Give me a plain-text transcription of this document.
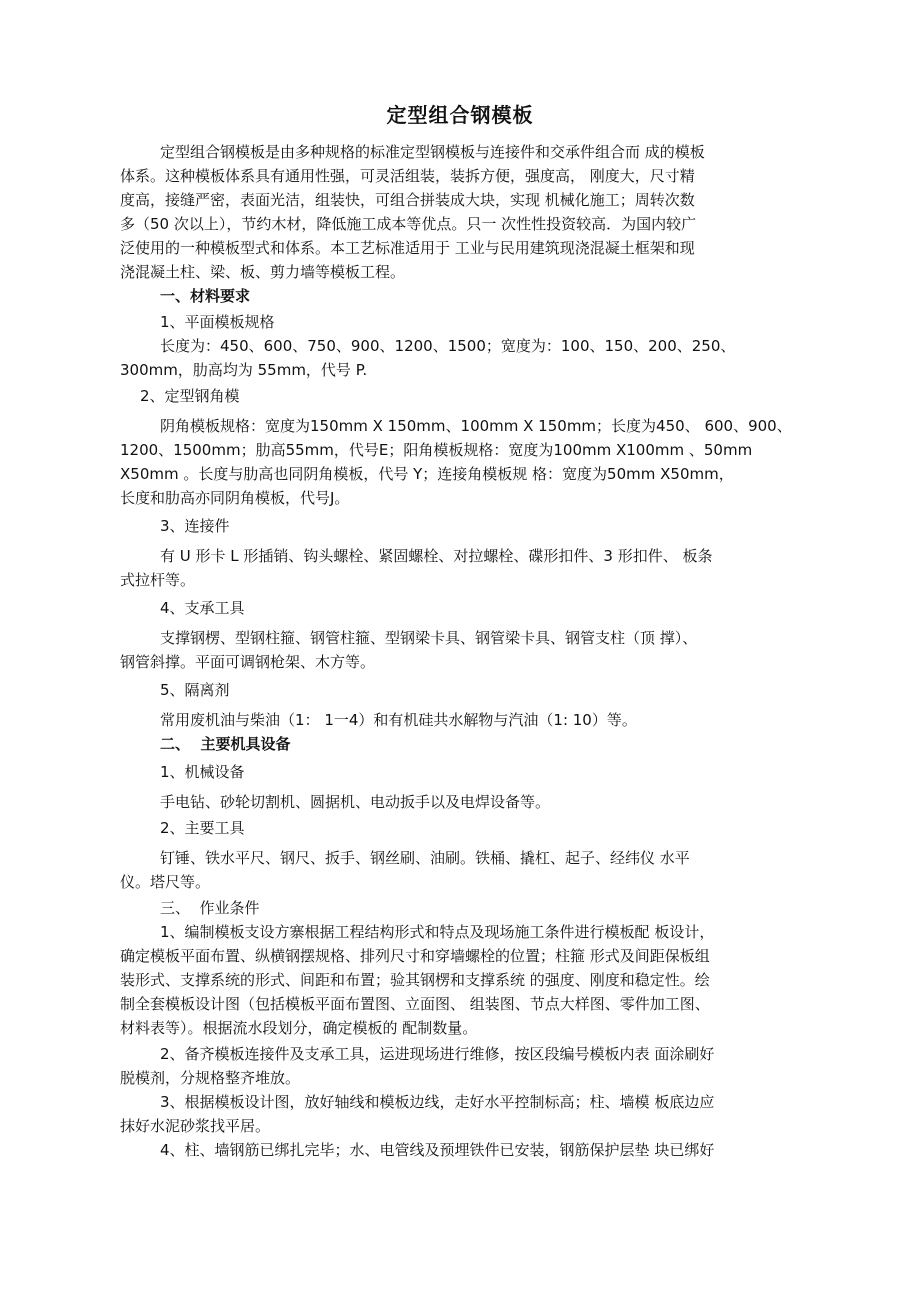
定型组合钢模板
定型组合钢模板是由多种规格的标准定型钢模板与连接件和交承件组合而 成的模板
体系。这种模板体系具有通用性强，可灵活组装，装拆方便，强度高， 刚度大，尺寸精
度高，接缝严密，表面光洁，组装快，可组合拼装成大块，实现 机械化施工；周转次数
多（50 次以上），节约木材，降低施工成本等优点。只一 次性性投资较高．为国内较广
泛使用的一种模板型式和体系。本工艺标准适用于 工业与民用建筑现浇混凝土框架和现
浇混凝土柱、梁、板、剪力墙等模板工程。
一、材料要求
1、平面模板规格
长度为：450、600、750、900、1200、1500；宽度为：100、150、200、250、
300mm，肋高均为 55mm，代号 P.
2、定型钢角模
阴角模板规格：宽度为150mm X 150mm、100mm X 150mm；长度为450、 600、900、
1200、1500mm；肋高55mm，代号E；阳角模板规格：宽度为100mm X100mm 、50mm
X50mm 。长度与肋高也同阴角模板，代号 Y；连接角模板规 格：宽度为50mm X50mm，
长度和肋高亦同阴角模板，代号J。
3、连接件
有 U 形卡 L 形插销、钩头螺栓、紧固螺栓、对拉螺栓、碟形扣件、3 形扣件、 板条
式拉杆等。
4、支承工具
支撑钢楞、型钢柱箍、钢管柱箍、型钢梁卡具、钢管梁卡具、钢管支柱（顶 撑）、
钢管斜撑。平面可调钢枪架、木方等。
5、隔离剂
常用废机油与柴油（1： 1一4）和有机硅共水解物与汽油（1: 10）等。
二、  主要机具设备
1、机械设备
手电钻、砂轮切割机、圆据机、电动扳手以及电焊设备等。
2、主要工具
钉锤、铁水平尺、钢尺、扳手、钢丝刷、油刷。铁桶、撬杠、起子、经纬仪 水平
仪。塔尺等。
三、  作业条件
1、编制模板支设方寨根据工程结构形式和特点及现场施工条件进行模板配 板设计，
确定模板平面布置、纵横钢摆规格、排列尺寸和穿墙螺栓的位置；柱箍 形式及间距保板组
装形式、支撑系统的形式、间距和布置；验其钢楞和支撑系统 的强度、刚度和稳定性。绘
制全套模板设计图（包括模板平面布置图、立面图、 组装图、节点大样图、零件加工图、
材料表等）。根据流水段划分，确定模板的 配制数量。
2、备齐模板连接件及支承工具，运进现场进行维修，按区段编号模板内表 面涂刷好
脱模剂，分规格整齐堆放。
3、根据模板设计图，放好轴线和模板边线，走好水平控制标高；柱、墙模 板底边应
抹好水泥砂浆找平居。
4、柱、墙钢筋已绑扎完毕；水、电管线及预埋铁件已安装，钢筋保护层垫 块已绑好
